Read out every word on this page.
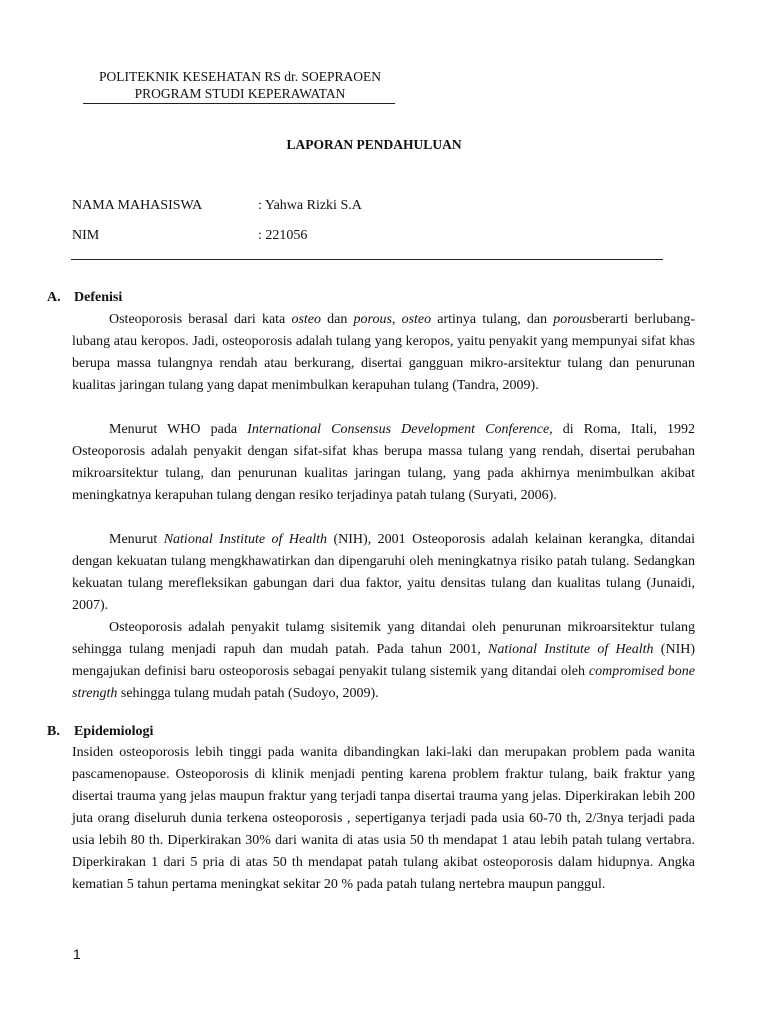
POLITEKNIK KESEHATAN RS dr. SOEPRAOEN
PROGRAM STUDI KEPERAWATAN
LAPORAN PENDAHULUAN
NAMA MAHASISWA	: Yahwa Rizki S.A
NIM	: 221056
A. Defenisi

Osteoporosis berasal dari kata osteo dan porous, osteo artinya tulang, dan porousberarti berlubang-lubang atau keropos. Jadi, osteoporosis adalah tulang yang keropos, yaitu penyakit yang mempunyai sifat khas berupa massa tulangnya rendah atau berkurang, disertai gangguan mikro-arsitektur tulang dan penurunan kualitas jaringan tulang yang dapat menimbulkan kerapuhan tulang (Tandra, 2009).

Menurut WHO pada International Consensus Development Conference, di Roma, Itali, 1992 Osteoporosis adalah penyakit dengan sifat-sifat khas berupa massa tulang yang rendah, disertai perubahan mikroarsitektur tulang, dan penurunan kualitas jaringan tulang, yang pada akhirnya menimbulkan akibat meningkatnya kerapuhan tulang dengan resiko terjadinya patah tulang (Suryati, 2006).

Menurut National Institute of Health (NIH), 2001 Osteoporosis adalah kelainan kerangka, ditandai dengan kekuatan tulang mengkhawatirkan dan dipengaruhi oleh meningkatnya risiko patah tulang. Sedangkan kekuatan tulang merefleksikan gabungan dari dua faktor, yaitu densitas tulang dan kualitas tulang (Junaidi, 2007).

Osteoporosis adalah penyakit tulamg sisitemik yang ditandai oleh penurunan mikroarsitektur tulang sehingga tulang menjadi rapuh dan mudah patah. Pada tahun 2001, National Institute of Health (NIH) mengajukan definisi baru osteoporosis sebagai penyakit tulang sistemik yang ditandai oleh compromised bone strength sehingga tulang mudah patah (Sudoyo, 2009).

B. Epidemiologi

Insiden osteoporosis lebih tinggi pada wanita dibandingkan laki-laki dan merupakan problem pada wanita pascamenopause. Osteoporosis di klinik menjadi penting karena problem fraktur tulang, baik fraktur yang disertai trauma yang jelas maupun fraktur yang terjadi tanpa disertai trauma yang jelas. Diperkirakan lebih 200 juta orang diseluruh dunia terkena osteoporosis , sepertiganya terjadi pada usia 60-70 th, 2/3nya terjadi pada usia lebih 80 th. Diperkirakan 30% dari wanita di atas usia 50 th mendapat 1 atau lebih patah tulang vertabra. Diperkirakan 1 dari 5 pria di atas 50 th mendapat patah tulang akibat osteoporosis dalam hidupnya. Angka kematian 5 tahun pertama meningkat sekitar 20 % pada patah tulang nertebra maupun panggul.

1
